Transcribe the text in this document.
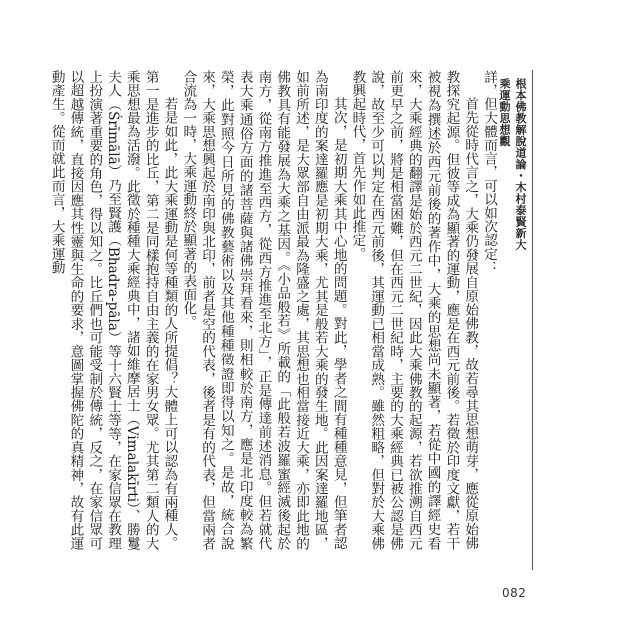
根本佛教解脫道論・木村泰賢新大乘運動思想觀

詳，但大體而言，可以如次認定：

首先從時代言之，大乘仍發展自原始佛教，故若尋其思想萌芽，應從原始佛教探究起源。但彼等成為顯著的運動，應是在西元前後。若徵於印度文獻，若干被視為撰述於西元前後的著作中，大乘的思想尚未顯著，若從中國的譯經史看來，大乘經典的翻譯是始於西元二世紀，因此大乘佛教的起源，若欲推溯自西元前更早之前，將是相當困難，但在西元二世紀時，主要的大乘經典已被公認是佛說，故至少可以判定在西元前後，其運動已相當成熟。雖然粗略，但對於大乘佛教興起時代，首先作如此推定。

其次，是初期大乘其中心地的問題。對此，學者之間有種種意見，但筆者認為南印度的案達羅應是初期大乘，尤其是般若大乘的發生地。此因案達羅地區，如前所述，是大眾部自由派最為隆盛之處，其思想也相當接近大乘，亦即此地的佛教具有能發展為大乘之基因。《小品般若》所載的「此般若波羅蜜經滅後起於南方，從南方推進至西方，從西方推進至北方」，正是傳達前述消息。但若就代表大乘通俗方面的諸菩薩與諸佛崇拜看來，則相較於南方，應是北印度較為繁榮，此對照今日所見的佛教藝術以及其他種種徵證即得以知之。是故，統合說來，大乘思想興起於南印與北印，前者是空的代表，後者是有的代表，但當兩者合流為一時，大乘運動終於顯著的表面化。

若是如此，此大乘運動是何等種類的人所提倡？大體上可以認為有兩種人。第一是進步的比丘，第二是同樣抱持自由主義的在家男女眾。尤其第二類人的大乘思想最為活潑。此徵於種種大乘經典中，諸如維摩居士（Vimalakīrti）、勝鬘夫人（Śrīmālā）乃至賢護（Bhadra-pāla）等十六賢士等等，在家信眾在教理上扮演著重要的角色，得以知之。比丘們也可能受制於傳統，反之，在家信眾可以超越傳統，直接因應其性靈與生命的要求，意圖掌握佛陀的真精神，故有此運動產生。從而就此而言，大乘運動

082
